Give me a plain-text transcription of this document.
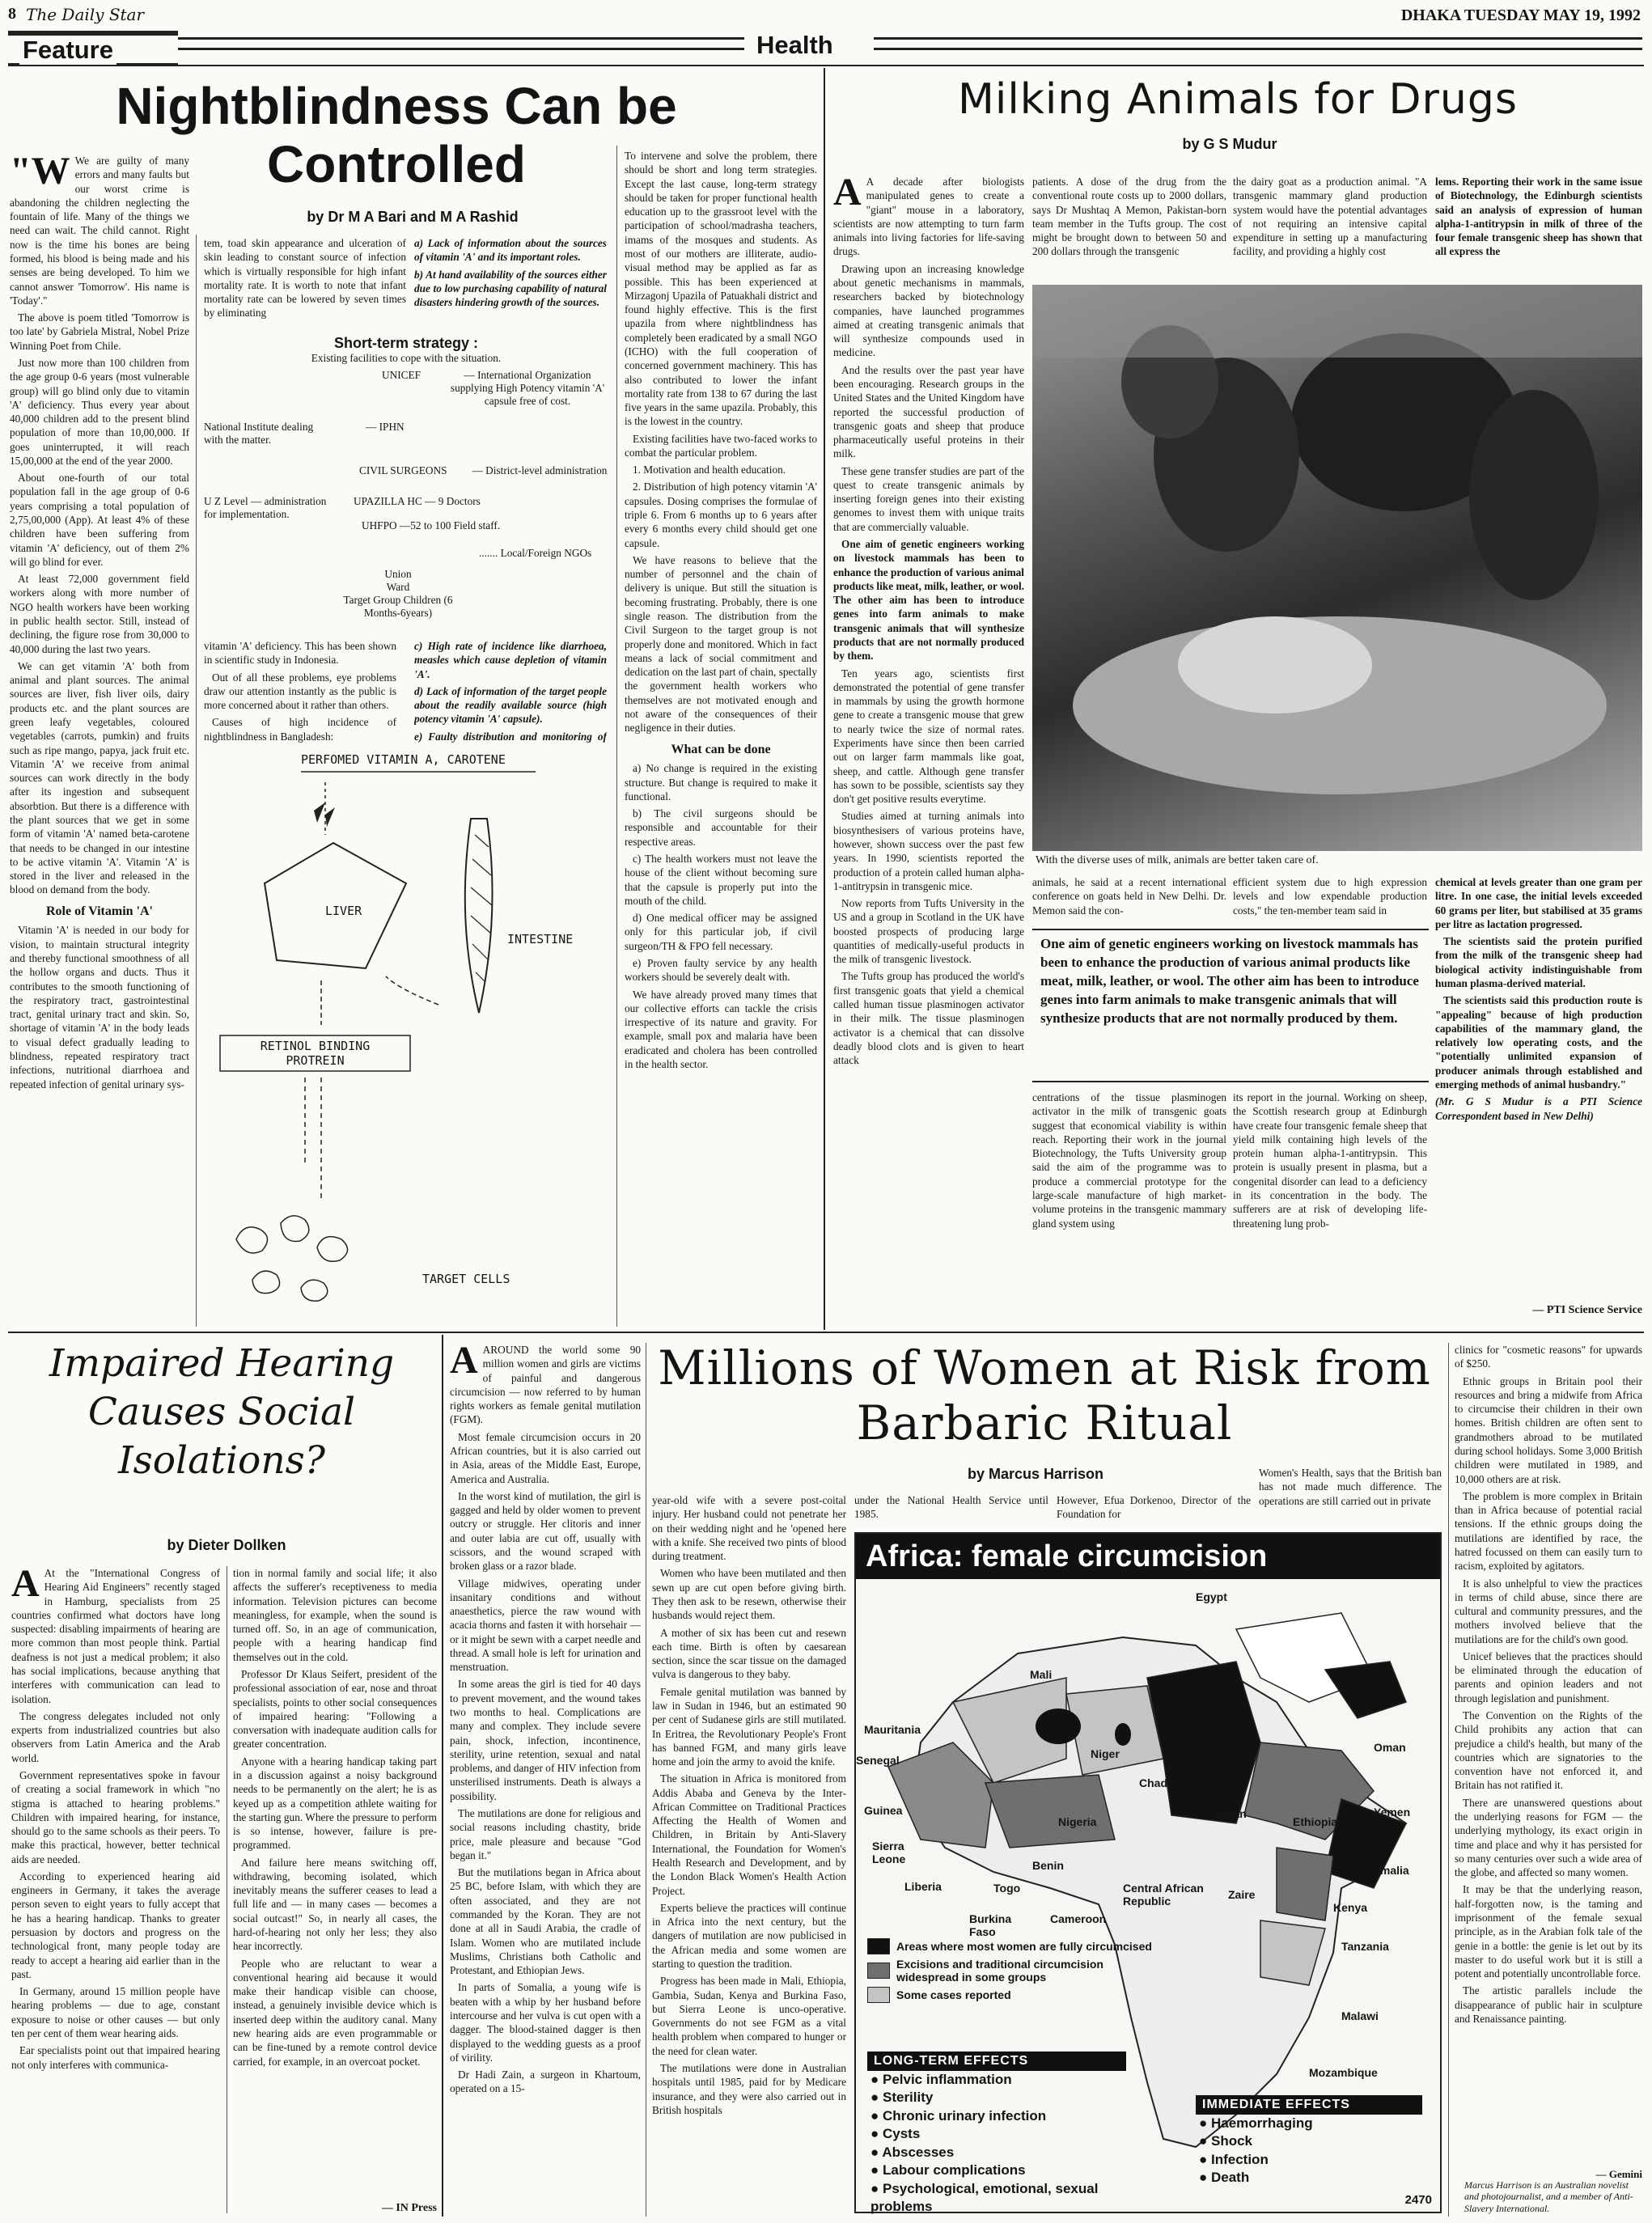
8 The Daily Star	DHAKA TUESDAY MAY 19, 1992
Feature	Health
Nightblindness Can be Controlled
by Dr M A Bari and M A Rashid

"W We are guilty of many errors and many faults but our worst crime is abandoning the children neglecting the fountain of life. Many of the things we need can wait. The child cannot. Right now is the time his bones are being formed, his blood is being made and his senses are being developed. To him we cannot answer 'Tomorrow'. His name is 'Today'."

The above is poem titled 'Tomorrow is too late' by Gabriela Mistral, Nobel Prize Winning Poet from Chile.

Just now more than 100 children from the age group 0-6 years (most vulnerable group) will go blind only due to vitamin 'A' deficiency. Thus every year about 40,000 children add to the present blind population of more than 10,00,000. If goes uninterrupted, it will reach 15,00,000 at the end of the year 2000.

About one-fourth of our total population fall in the age group of 0-6 years comprising a total population of 2,75,00,000 (App). At least 4% of these children have been suffering from vitamin 'A' deficiency, out of them 2% will go blind for ever.

At least 72,000 government field workers along with more number of NGO health workers have been working in public health sector. Still, instead of declining, the figure rose from 30,000 to 40,000 during the last two years.

We can get vitamin 'A' both from animal and plant sources. The animal sources are liver, fish liver oils, dairy products etc. and the plant sources are green leafy vegetables, coloured vegetables (carrots, pumkin) and fruits such as ripe mango, papya, jack fruit etc. Vitamin 'A' we receive from animal sources can work directly in the body after its ingestion and subsequent absorbtion. But there is a difference with the plant sources that we get in some form of vitamin 'A' named beta-carotene that needs to be changed in our intestine to be active vitamin 'A'. Vitamin 'A' is stored in the liver and released in the blood on demand from the body.

Role of Vitamin 'A'

Vitamin 'A' is needed in our body for vision, to maintain structural integrity and thereby functional smoothness of all the hollow organs and ducts. Thus it contributes to the smooth functioning of the respiratory tract, gastrointestinal tract, genital urinary tract and skin. So, shortage of vitamin 'A' in the body leads to visual defect gradually leading to blindness, repeated respiratory tract infections, nutritional diarrhoea and repeated infection of genital urinary sys-

tem, toad skin appearance and ulceration of skin leading to constant source of infection which is virtually responsible for high infant mortality rate. It is worth to note that infant mortality rate can be lowered by seven times by eliminating

a) Lack of information about the sources of vitamin 'A' and its important roles.

b) At hand availability of the sources either due to low purchasing capability of natural disasters hindering growth of the sources.

Short-term strategy :
Existing facilities to cope with the situation.
UNICEF	— International Organization supplying High Potency vitamin 'A' capsule free of cost.
National Institute dealing with the matter.
— IPHN
CIVIL SURGEONS — District-level administration
U Z Level — administration for implementation.
UPAZILLA HC — 9 Doctors
UHFPO —52 to 100 Field staff.
....... Local/Foreign NGOs
Union
Ward
Target Group Children (6 Months-6years)

vitamin 'A' deficiency. This has been shown in scientific study in Indonesia.

Out of all these problems, eye problems draw our attention instantly as the public is more concerned about it rather than others.

Causes of high incidence of nightblindness in Bangladesh:

c) High rate of incidence like diarrhoea, measles which cause depletion of vitamin 'A'.

d) Lack of information of the target people about the readily available source (high potency vitamin 'A' capsule).

e) Faulty distribution and monitoring of

PERFOMED VITAMIN A, CAROTENE
LIVER
INTESTINE
RETINOL BINDING PROTREIN
TARGET CELLS

To intervene and solve the problem, there should be short and long term strategies. Except the last cause, long-term strategy should be taken for proper functional health education up to the grassroot level with the participation of school/madrasha teachers, imams of the mosques and students. As most of our mothers are illiterate, audio-visual method may be applied as far as possible. This has been experienced at Mirzagonj Upazila of Patuakhali district and found highly effective. This is the first upazila from where nightblindness has completely been eradicated by a small NGO (ICHO) with the full cooperation of concerned government machinery. This has also contributed to lower the infant mortality rate from 138 to 67 during the last five years in the same upazila. Probably, this is the lowest in the country.

Existing facilities have two-faced works to combat the particular problem.

1. Motivation and health education.

2. Distribution of high potency vitamin 'A' capsules. Dosing comprises the formulae of triple 6. From 6 months up to 6 years after every 6 months every child should get one capsule.

We have reasons to believe that the number of personnel and the chain of delivery is unique. But still the situation is becoming frustrating. Probably, there is one single reason. The distribution from the Civil Surgeon to the target group is not properly done and monitored. Which in fact means a lack of social commitment and dedication on the last part of chain, spectally the government health workers who themselves are not motivated enough and not aware of the consequences of their negligence in their duties.

What can be done

a) No change is required in the existing structure. But change is required to make it functional.

b) The civil surgeons should be responsible and accountable for their respective areas.

c) The health workers must not leave the house of the client without becoming sure that the capsule is properly put into the mouth of the child.

d) One medical officer may be assigned only for this particular job, if civil surgeon/TH & FPO fell necessary.

e) Proven faulty service by any health workers should be severely dealt with.

We have already proved many times that our collective efforts can tackle the crisis irrespective of its nature and gravity. For example, small pox and malaria have been eradicated and cholera has been controlled in the health sector.

Milking Animals for Drugs
by G S Mudur

A A decade after biologists manipulated genes to create a "giant" mouse in a laboratory, scientists are now attempting to turn farm animals into living factories for life-saving drugs.

Drawing upon an increasing knowledge about genetic mechanisms in mammals, researchers backed by biotechnology companies, have launched programmes aimed at creating transgenic animals that will synthesize compounds used in medicine.

And the results over the past year have been encouraging. Research groups in the United States and the United Kingdom have reported the successful production of transgenic goats and sheep that produce pharmaceutically useful proteins in their milk.

These gene transfer studies are part of the quest to create transgenic animals by inserting foreign genes into their existing genomes to invest them with unique traits that are commercially valuable.

One aim of genetic engineers working on livestock mammals has been to enhance the production of various animal products like meat, milk, leather, or wool. The other aim has been to introduce genes into farm animals to make transgenic animals that will synthesize products that are not normally produced by them.

Ten years ago, scientists first demonstrated the potential of gene transfer in mammals by using the growth hormone gene to create a transgenic mouse that grew to nearly twice the size of normal rates. Experiments have since then been carried out on larger farm mammals like goat, sheep, and cattle. Although gene transfer has sown to be possible, scientists say they don't get positive results everytime.

Studies aimed at turning animals into biosynthesisers of various proteins have, however, shown success over the past few years. In 1990, scientists reported the production of a protein called human alpha-1-antitrypsin in transgenic mice.

Now reports from Tufts University in the US and a group in Scotland in the UK have boosted prospects of producing large quantities of medically-useful products in the milk of transgenic livestock.

The Tufts group has produced the world's first transgenic goats that yield a chemical called human tissue plasminogen activator in their milk. The tissue plasminogen activator is a chemical that can dissolve deadly blood clots and is given to heart attack

patients. A dose of the drug from the conventional route costs up to 2000 dollars, says Dr Mushtaq A Memon, Pakistan-born team member in the Tufts group. The cost might be brought down to between 50 and 200 dollars through the transgenic

the dairy goat as a production animal. "A transgenic mammary gland production system would have the potential advantages of not requiring an intensive capital expenditure in setting up a manufacturing facility, and providing a highly cost

lems. Reporting their work in the same issue of Biotechnology, the Edinburgh scientists said an analysis of expression of human alpha-1-antitrypsin in milk of three of the four female transgenic sheep has shown that all express the

With the diverse uses of milk, animals are better taken care of.

animals, he said at a recent international conference on goats held in New Delhi. Dr. Memon said the con-

efficient system due to high expression levels and low expendable production costs," the ten-member team said in

One aim of genetic engineers working on livestock mammals has been to enhance the production of various animal products like meat, milk, leather, or wool. The other aim has been to introduce genes into farm animals to make transgenic animals that will synthesize products that are not normally produced by them.

centrations of the tissue plasminogen activator in the milk of transgenic goats suggest that economical viability is within reach. Reporting their work in the journal Biotechnology, the Tufts University group said the aim of the programme was to produce a commercial prototype for the large-scale manufacture of high market-volume proteins in the transgenic mammary gland system using

its report in the journal. Working on sheep, the Scottish research group at Edinburgh have create four transgenic female sheep that yield milk containing high levels of the protein human alpha-1-antitrypsin. This protein is usually present in plasma, but a congenital disorder can lead to a deficiency in its concentration in the body. The sufferers are at risk of developing life-threatening lung prob-

chemical at levels greater than one gram per litre. In one case, the initial levels exceeded 60 grams per liter, but stabilised at 35 grams per litre as lactation progressed.

The scientists said the protein purified from the milk of the transgenic sheep had biological activity indistinguishable from human plasma-derived material.

The scientists said this production route is "appealing" because of high production capabilities of the mammary gland, the relatively low operating costs, and the "potentially unlimited expansion of producer animals through established and emerging methods of animal husbandry."

(Mr. G S Mudur is a PTI Science Correspondent based in New Delhi)

— PTI Science Service
Impaired Hearing Causes Social Isolations?
by Dieter Dollken

A At the "International Congress of Hearing Aid Engineers" recently staged in Hamburg, specialists from 25 countries confirmed what doctors have long suspected: disabling impairments of hearing are more common than most people think. Partial deafness is not just a medical problem; it also has social implications, because anything that interferes with communication can lead to isolation.

The congress delegates included not only experts from industrialized countries but also observers from Latin America and the Arab world.

Government representatives spoke in favour of creating a social framework in which "no stigma is attached to hearing problems." Children with impaired hearing, for instance, should go to the same schools as their peers. To make this practical, however, better technical aids are needed.

According to experienced hearing aid engineers in Germany, it takes the average person seven to eight years to fully accept that he has a hearing handicap. Thanks to greater persuasion by doctors and progress on the technological front, many people today are ready to accept a hearing aid earlier than in the past.

In Germany, around 15 million people have hearing problems — due to age, constant exposure to noise or other causes — but only ten per cent of them wear hearing aids.

Ear specialists point out that impaired hearing not only interferes with communica-

tion in normal family and social life; it also affects the sufferer's receptiveness to media information. Television pictures can become meaningless, for example, when the sound is turned off. So, in an age of communication, people with a hearing handicap find themselves out in the cold.

Professor Dr Klaus Seifert, president of the professional association of ear, nose and throat specialists, points to other social consequences of impaired hearing: "Following a conversation with inadequate audition calls for greater concentration.

Anyone with a hearing handicap taking part in a discussion against a noisy background needs to be permanently on the alert; he is as keyed up as a competition athlete waiting for the starting gun. Where the pressure to perform is so intense, however, failure is pre-programmed.

And failure here means switching off, withdrawing, becoming isolated, which inevitably means the sufferer ceases to lead a full life and — in many cases — becomes a social outcast!" So, in nearly all cases, the hard-of-hearing not only her less; they also hear incorrectly.

People who are reluctant to wear a conventional hearing aid because it would make their handicap visible can choose, instead, a genuinely invisible device which is inserted deep within the auditory canal. Many new hearing aids are even programmable or can be fine-tuned by a remote control device carried, for example, in an overcoat pocket.

— IN Press

AAROUND the world some 90 million women and girls are victims of painful and dangerous circumcision — now referred to by human rights workers as female genital mutilation (FGM).

Most female circumcision occurs in 20 African countries, but it is also carried out in Asia, areas of the Middle East, Europe, America and Australia.

In the worst kind of mutilation, the girl is gagged and held by older women to prevent outcry or struggle. Her clitoris and inner and outer labia are cut off, usually with scissors, and the wound scraped with broken glass or a razor blade.

Village midwives, operating under insanitary conditions and without anaesthetics, pierce the raw wound with acacia thorns and fasten it with horsehair — or it might be sewn with a carpet needle and thread. A small hole is left for urination and menstruation.

In some areas the girl is tied for 40 days to prevent movement, and the wound takes two months to heal. Complications are many and complex. They include severe pain, shock, infection, incontinence, sterility, urine retention, sexual and natal problems, and danger of HIV infection from unsterilised instruments. Death is always a possibility.

The mutilations are done for religious and social reasons including chastity, bride price, male pleasure and because "God began it."

But the mutilations began in Africa about 25 BC, before Islam, with which they are often associated, and they are not commanded by the Koran. They are not done at all in Saudi Arabia, the cradle of Islam. Women who are mutilated include Muslims, Christians both Catholic and Protestant, and Ethiopian Jews.

In parts of Somalia, a young wife is beaten with a whip by her husband before intercourse and her vulva is cut open with a dagger. The blood-stained dagger is then displayed to the wedding guests as a proof of virility.

Dr Hadi Zain, a surgeon in Khartoum, operated on a 15-

Millions of Women at Risk from Barbaric Ritual
by Marcus Harrison

year-old wife with a severe post-coital injury. Her husband could not penetrate her on their wedding night and he 'opened here with a knife. She received two pints of blood during treatment.

Women who have been mutilated and then sewn up are cut open before giving birth. They then ask to be resewn, otherwise their husbands would reject them.

A mother of six has been cut and resewn each time. Birth is often by caesarean section, since the scar tissue on the damaged vulva is dangerous to they baby.

Female genital mutilation was banned by law in Sudan in 1946, but an estimated 90 per cent of Sudanese girls are still mutilated. In Eritrea, the Revolutionary People's Front has banned FGM, and many girls leave home and join the army to avoid the knife.

The situation in Africa is monitored from Addis Ababa and Geneva by the Inter-African Committee on Traditional Practices Affecting the Health of Women and Children, in Britain by Anti-Slavery International, the Foundation for Women's Health Research and Development, and by the London Black Women's Health Action Project.

Experts believe the practices will continue in Africa into the next century, but the dangers of mutilation are now publicised in the African media and some women are starting to question the tradition.

Progress has been made in Mali, Ethiopia, Gambia, Sudan, Kenya and Burkina Faso, but Sierra Leone is unco-operative. Governments do not see FGM as a vital health problem when compared to hunger or the need for clean water.

The mutilations were done in Australian hospitals until 1985, paid for by Medicare insurance, and they were also carried out in British hospitals

under the National Health Service until 1985.

However, Efua Dorkenoo, Director of the Foundation for

Women's Health, says that the British ban has not made much difference. The operations are still carried out in private

Africa: female circumcision
Egypt
Mali
Mauritania
Senegal	Niger
Chad
Sudan
Oman
Yemen
Guinea
Sierra Leone
Nigeria	Ethiopia
Somalia
Liberia	Togo
Benin
Central African Republic
Cameroon
Zaire
Burkina Faso
Kenya
Tanzania
Malawi
Mozambique
Areas where most women are fully circumcised
Excisions and traditional circumcision widespread in some groups
Some cases reported
LONG-TERM EFFECTS
● Pelvic inflammation
● Sterility
● Chronic urinary infection
● Cysts
● Abscesses
● Labour complications
● Psychological, emotional, sexual problems
IMMEDIATE EFFECTS
● Haemorrhaging
● Shock
● Infection
● Death
2470

clinics for "cosmetic reasons" for upwards of $250.

Ethnic groups in Britain pool their resources and bring a midwife from Africa to circumcise their children in their own homes. British children are often sent to grandmothers abroad to be mutilated during school holidays. Some 3,000 British children were mutilated in 1989, and 10,000 others are at risk.

The problem is more complex in Britain than in Africa because of potential racial tensions. If the ethnic groups doing the mutilations are identified by race, the hatred focussed on them can easily turn to racism, exploited by agitators.

It is also unhelpful to view the practices in terms of child abuse, since there are cultural and community pressures, and the mothers involved believe that the mutilations are for the child's own good.

Unicef believes that the practices should be eliminated through the education of parents and opinion leaders and not through legislation and punishment.

The Convention on the Rights of the Child prohibits any action that can prejudice a child's health, but many of the countries which are signatories to the convention have not enforced it, and Britain has not ratified it.

There are unanswered questions about the underlying reasons for FGM — the underlying mythology, its exact origin in time and place and why it has persisted for so many centuries over such a wide area of the globe, and affected so many women.

It may be that the underlying reason, half-forgotten now, is the taming and imprisonment of the female sexual principle, as in the Arabian folk tale of the genie in a bottle: the genie is let out by its master to do useful work but it is still a potent and potentially uncontrollable force.

The artistic parallels include the disappearance of public hair in sculpture and Renaissance painting.

— Gemini
Marcus Harrison is an Australian novelist and photojournalist, and a member of Anti-Slavery International.
